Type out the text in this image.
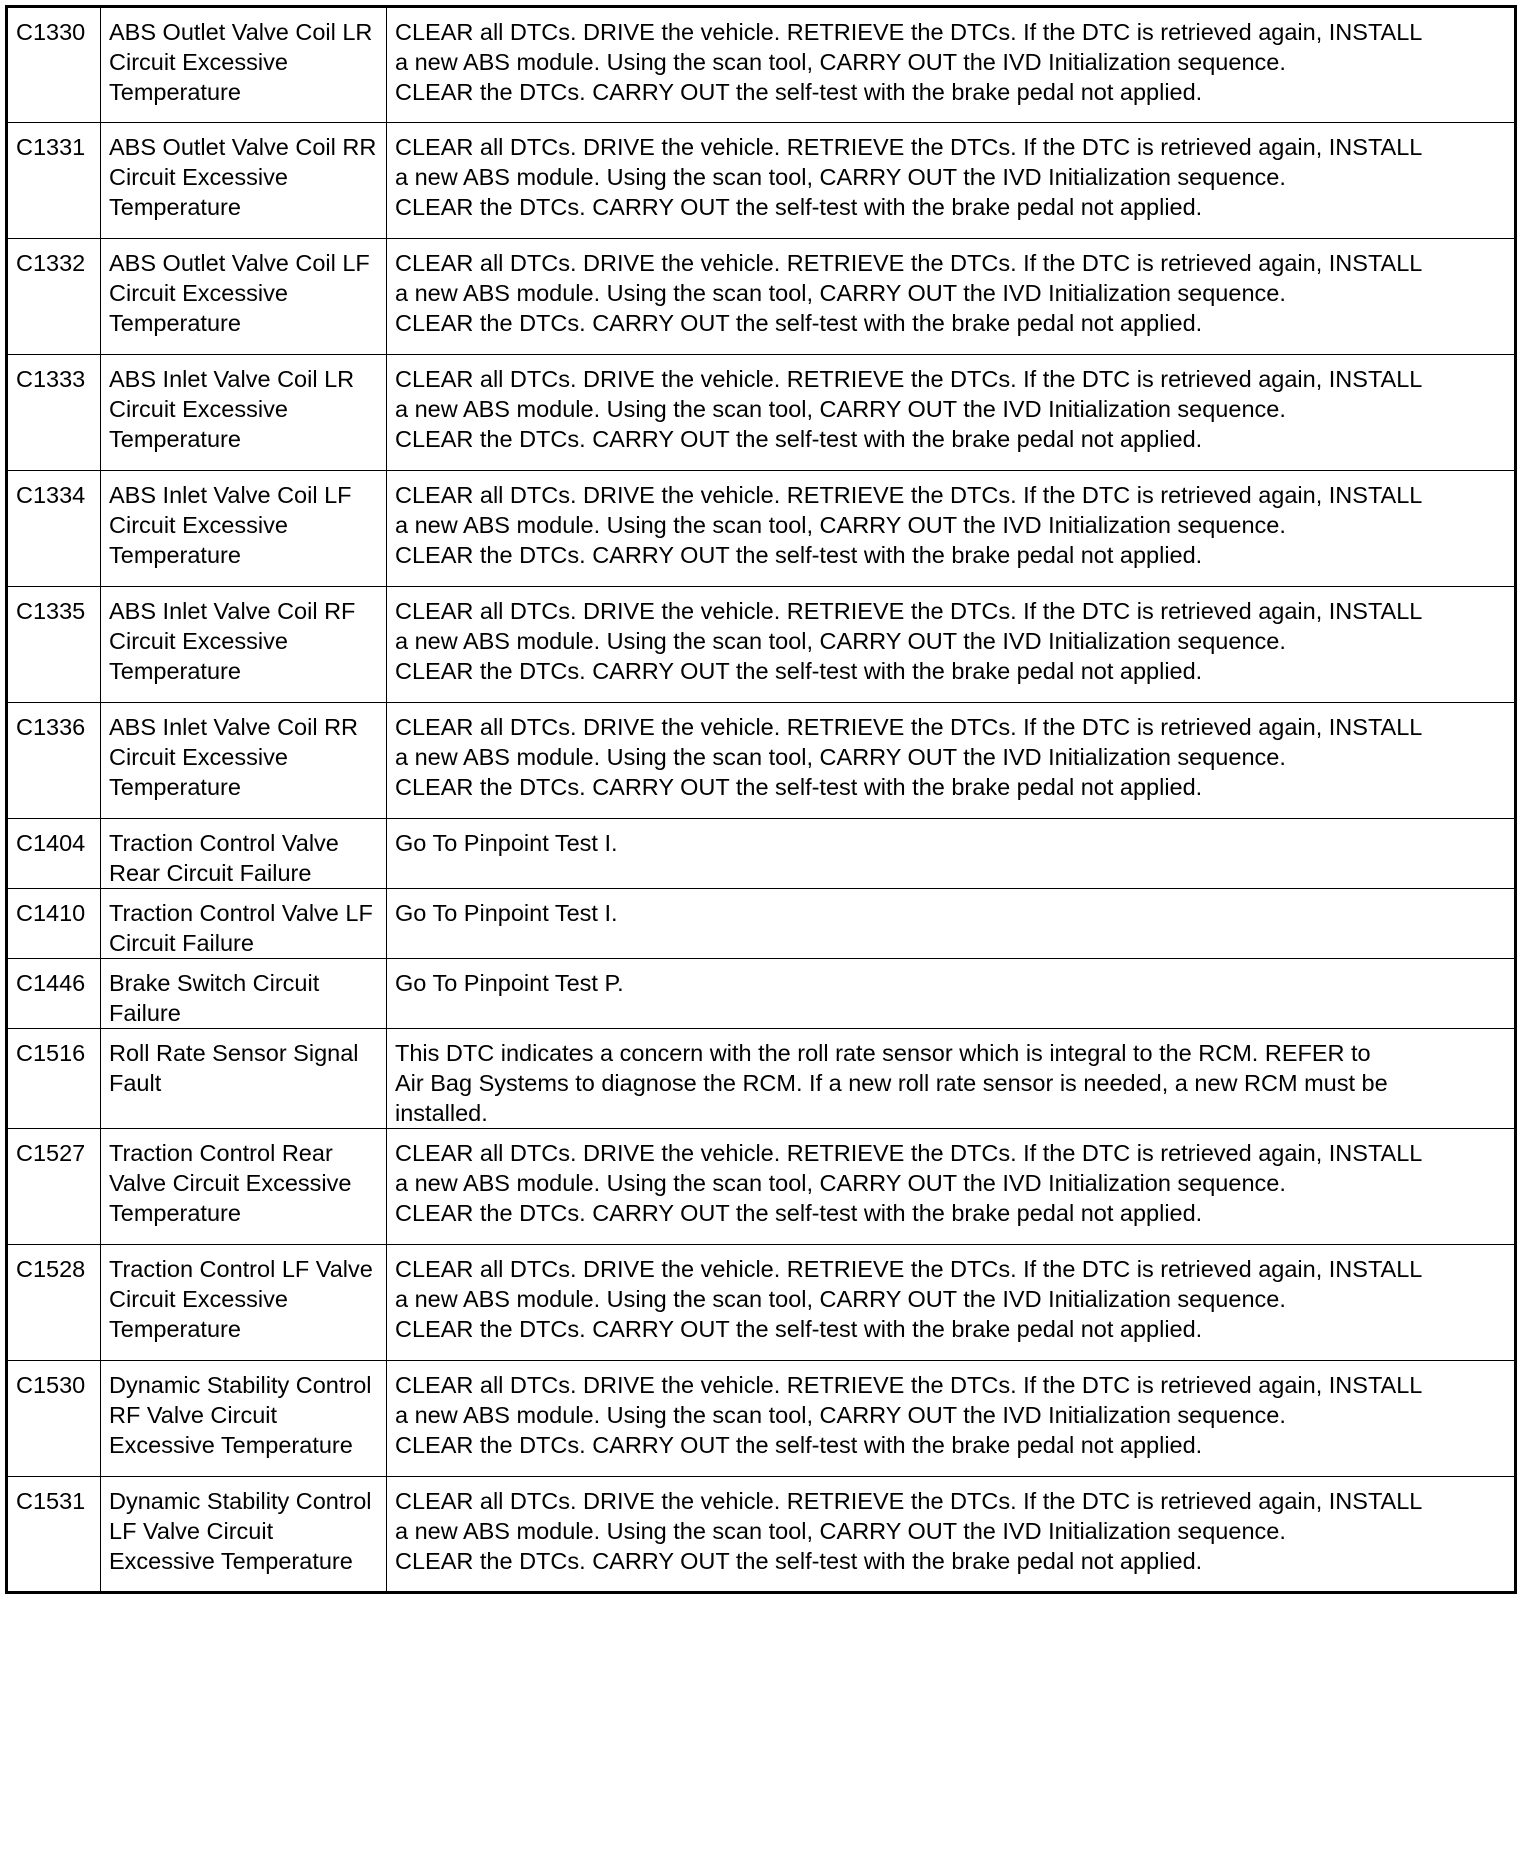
C1330	ABS Outlet Valve Coil LR Circuit Excessive Temperature	CLEAR all DTCs. DRIVE the vehicle. RETRIEVE the DTCs. If the DTC is retrieved again, INSTALL
a new ABS module. Using the scan tool, CARRY OUT the IVD Initialization sequence.
CLEAR the DTCs. CARRY OUT the self-test with the brake pedal not applied.

C1331	ABS Outlet Valve Coil RR Circuit Excessive Temperature	CLEAR all DTCs. DRIVE the vehicle. RETRIEVE the DTCs. If the DTC is retrieved again, INSTALL
a new ABS module. Using the scan tool, CARRY OUT the IVD Initialization sequence.
CLEAR the DTCs. CARRY OUT the self-test with the brake pedal not applied.

C1332	ABS Outlet Valve Coil LF Circuit Excessive Temperature	CLEAR all DTCs. DRIVE the vehicle. RETRIEVE the DTCs. If the DTC is retrieved again, INSTALL
a new ABS module. Using the scan tool, CARRY OUT the IVD Initialization sequence.
CLEAR the DTCs. CARRY OUT the self-test with the brake pedal not applied.

C1333	ABS Inlet Valve Coil LR Circuit Excessive Temperature	CLEAR all DTCs. DRIVE the vehicle. RETRIEVE the DTCs. If the DTC is retrieved again, INSTALL
a new ABS module. Using the scan tool, CARRY OUT the IVD Initialization sequence.
CLEAR the DTCs. CARRY OUT the self-test with the brake pedal not applied.

C1334	ABS Inlet Valve Coil LF Circuit Excessive Temperature	CLEAR all DTCs. DRIVE the vehicle. RETRIEVE the DTCs. If the DTC is retrieved again, INSTALL
a new ABS module. Using the scan tool, CARRY OUT the IVD Initialization sequence.
CLEAR the DTCs. CARRY OUT the self-test with the brake pedal not applied.

C1335	ABS Inlet Valve Coil RF Circuit Excessive Temperature	CLEAR all DTCs. DRIVE the vehicle. RETRIEVE the DTCs. If the DTC is retrieved again, INSTALL
a new ABS module. Using the scan tool, CARRY OUT the IVD Initialization sequence.
CLEAR the DTCs. CARRY OUT the self-test with the brake pedal not applied.

C1336	ABS Inlet Valve Coil RR Circuit Excessive Temperature	CLEAR all DTCs. DRIVE the vehicle. RETRIEVE the DTCs. If the DTC is retrieved again, INSTALL
a new ABS module. Using the scan tool, CARRY OUT the IVD Initialization sequence.
CLEAR the DTCs. CARRY OUT the self-test with the brake pedal not applied.

C1404	Traction Control Valve Rear Circuit Failure	Go To Pinpoint Test I.

C1410	Traction Control Valve LF Circuit Failure	Go To Pinpoint Test I.

C1446	Brake Switch Circuit Failure	Go To Pinpoint Test P.

C1516	Roll Rate Sensor Signal Fault	This DTC indicates a concern with the roll rate sensor which is integral to the RCM. REFER to
Air Bag Systems to diagnose the RCM. If a new roll rate sensor is needed, a new RCM must be
installed.

C1527	Traction Control Rear Valve Circuit Excessive Temperature	CLEAR all DTCs. DRIVE the vehicle. RETRIEVE the DTCs. If the DTC is retrieved again, INSTALL
a new ABS module. Using the scan tool, CARRY OUT the IVD Initialization sequence.
CLEAR the DTCs. CARRY OUT the self-test with the brake pedal not applied.

C1528	Traction Control LF Valve Circuit Excessive Temperature	CLEAR all DTCs. DRIVE the vehicle. RETRIEVE the DTCs. If the DTC is retrieved again, INSTALL
a new ABS module. Using the scan tool, CARRY OUT the IVD Initialization sequence.
CLEAR the DTCs. CARRY OUT the self-test with the brake pedal not applied.

C1530	Dynamic Stability Control RF Valve Circuit Excessive Temperature	CLEAR all DTCs. DRIVE the vehicle. RETRIEVE the DTCs. If the DTC is retrieved again, INSTALL
a new ABS module. Using the scan tool, CARRY OUT the IVD Initialization sequence.
CLEAR the DTCs. CARRY OUT the self-test with the brake pedal not applied.

C1531	Dynamic Stability Control LF Valve Circuit Excessive Temperature	CLEAR all DTCs. DRIVE the vehicle. RETRIEVE the DTCs. If the DTC is retrieved again, INSTALL
a new ABS module. Using the scan tool, CARRY OUT the IVD Initialization sequence.
CLEAR the DTCs. CARRY OUT the self-test with the brake pedal not applied.
